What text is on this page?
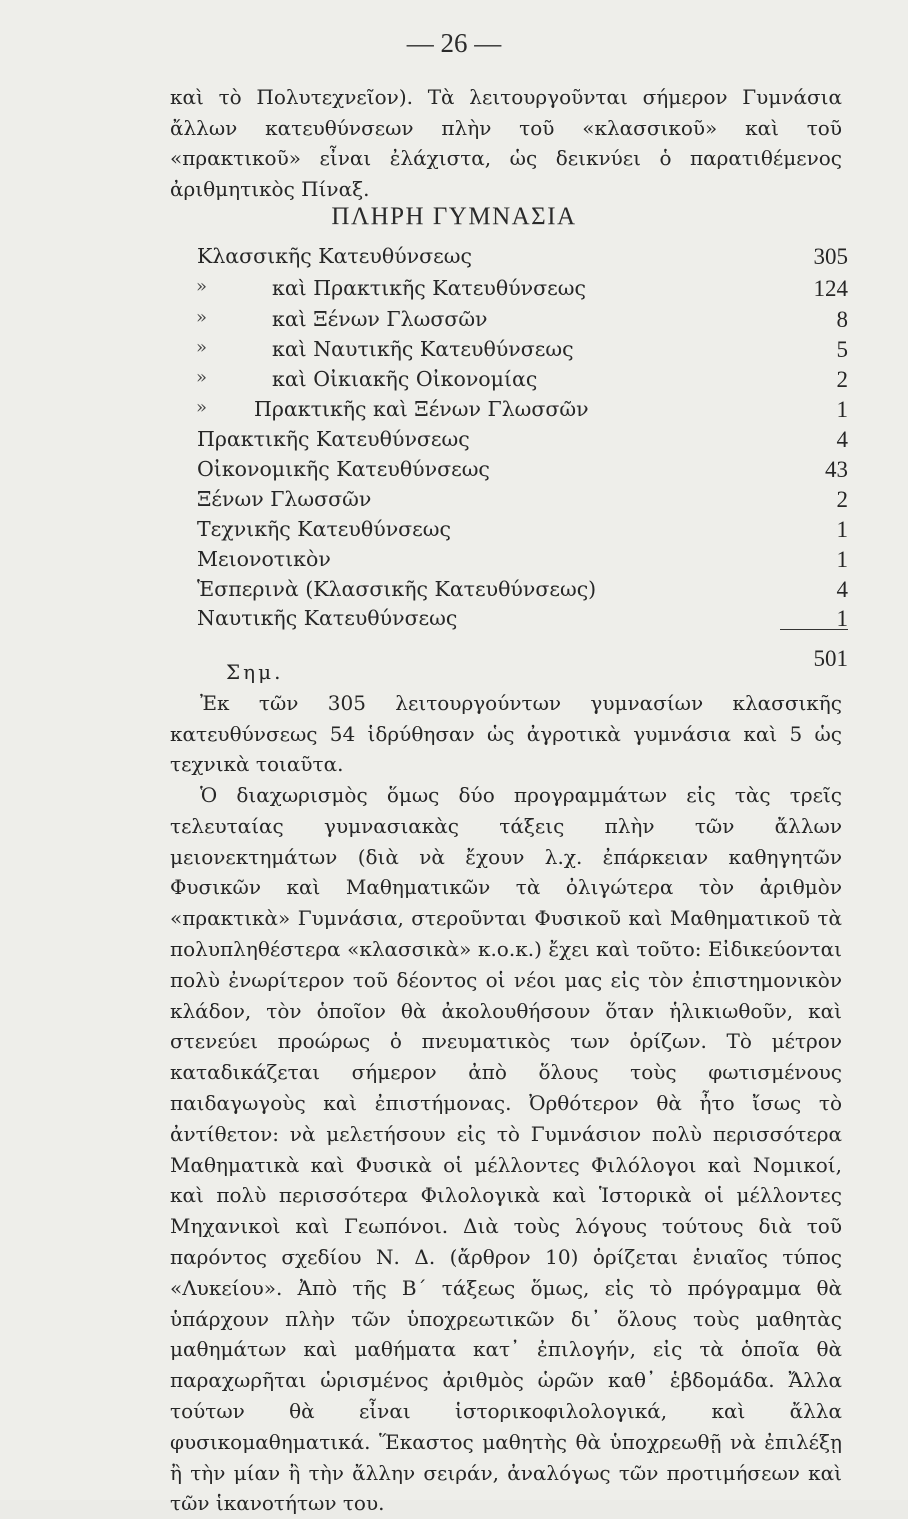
— 26 —

καὶ τὸ Πολυτεχνεῖον). Τὰ λειτουργοῦνται σήμερον Γυμνάσια ἄλλων κατευθύνσεων πλὴν τοῦ «κλασσικοῦ» καὶ τοῦ «πρακτικοῦ» εἶναι ἐλάχιστα, ὡς δεικνύει ὁ παρατιθέμενος ἀριθμητικὸς Πίναξ.

ΠΛΗΡΗ ΓΥΜΝΑΣΙΑ
Κλασσικῆς Κατευθύνσεως	305
»	καὶ Πρακτικῆς Κατευθύνσεως	124
»	καὶ Ξένων Γλωσσῶν	8
»	καὶ Ναυτικῆς Κατευθύνσεως	5
»	καὶ Οἰκιακῆς Οἰκονομίας	2
» Πρακτικῆς καὶ Ξένων Γλωσσῶν	1
Πρακτικῆς Κατευθύνσεως	4
Οἰκονομικῆς Κατευθύνσεως	43
Ξένων Γλωσσῶν	2
Τεχνικῆς Κατευθύνσεως	1
Μειονοτικὸν	1
Ἑσπερινὰ (Κλασσικῆς Κατευθύνσεως)	4
Ναυτικῆς Κατευθύνσεως	1
501
Σημ.

Ἐκ τῶν 305 λειτουργούντων γυμνασίων κλασσικῆς κατευθύνσεως 54 ἱδρύθησαν ὡς ἀγροτικὰ γυμνάσια καὶ 5 ὡς τεχνικὰ τοιαῦτα.

Ὁ διαχωρισμὸς ὅμως δύο προγραμμάτων εἰς τὰς τρεῖς τελευταίας γυμνασιακὰς τάξεις πλὴν τῶν ἄλλων μειονεκτημάτων (διὰ νὰ ἔχουν λ.χ. ἐπάρκειαν καθηγητῶν Φυσικῶν καὶ Μαθηματικῶν τὰ ὀλιγώτερα τὸν ἀριθμὸν «πρακτικὰ» Γυμνάσια, στεροῦνται Φυσικοῦ καὶ Μαθηματικοῦ τὰ πολυπληθέστερα «κλασσικὰ» κ.ο.κ.) ἔχει καὶ τοῦτο: Εἰδικεύονται πολὺ ἐνωρίτερον τοῦ δέοντος οἱ νέοι μας εἰς τὸν ἐπιστημονικὸν κλάδον, τὸν ὁποῖον θὰ ἀκολουθήσουν ὅταν ἡλικιωθοῦν, καὶ στενεύει προώρως ὁ πνευματικὸς των ὁρίζων. Τὸ μέτρον καταδικάζεται σήμερον ἀπὸ ὅλους τοὺς φωτισμένους παιδαγωγοὺς καὶ ἐπιστήμονας. Ὀρθότερον θὰ ἦτο ἴσως τὸ ἀντίθετον: νὰ μελετήσουν εἰς τὸ Γυμνάσιον πολὺ περισσότερα Μαθηματικὰ καὶ Φυσικὰ οἱ μέλλοντες Φιλόλογοι καὶ Νομικοί, καὶ πολὺ περισσότερα Φιλολογικὰ καὶ Ἱστορικὰ οἱ μέλλοντες Μηχανικοὶ καὶ Γεωπόνοι. Διὰ τοὺς λόγους τούτους διὰ τοῦ παρόντος σχεδίου Ν. Δ. (ἄρθρον 10) ὁρίζεται ἑνιαῖος τύπος «Λυκείου». Ἀπὸ τῆς Β´ τάξεως ὅμως, εἰς τὸ πρόγραμμα θὰ ὑπάρχουν πλὴν τῶν ὑποχρεωτικῶν δι᾽ ὅλους τοὺς μαθητὰς μαθημάτων καὶ μαθήματα κατ᾽ ἐπιλογήν, εἰς τὰ ὁποῖα θὰ παραχωρῆται ὡρισμένος ἀριθμὸς ὡρῶν καθ᾽ ἑβδομάδα. Ἄλλα τούτων θὰ εἶναι ἱστορικοφιλολογικά, καὶ ἄλλα φυσικομαθηματικά. Ἕκαστος μαθητὴς θὰ ὑποχρεωθῇ νὰ ἐπιλέξῃ ἢ τὴν μίαν ἢ τὴν ἄλλην σειράν, ἀναλόγως τῶν προτιμήσεων καὶ τῶν ἱκανοτήτων του.
